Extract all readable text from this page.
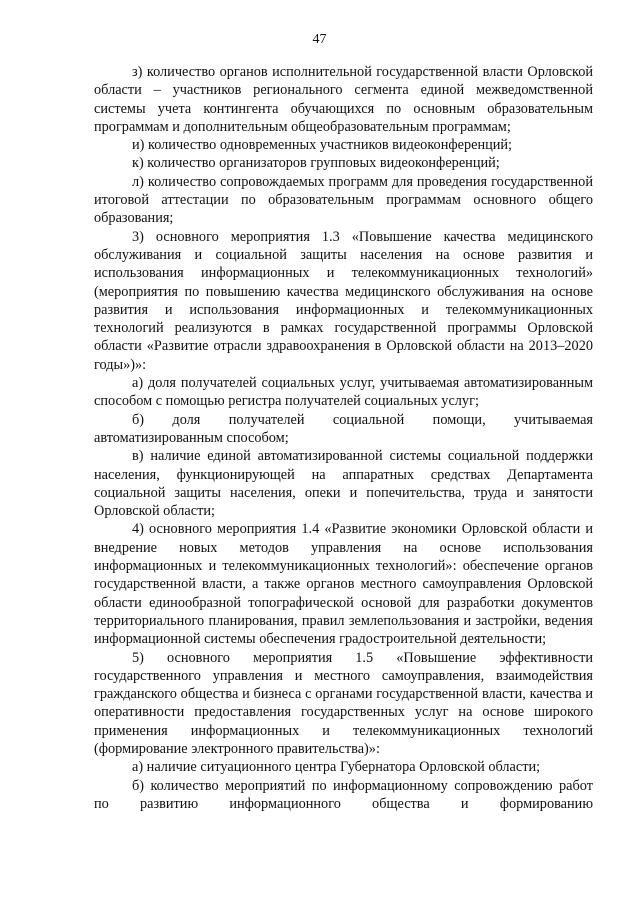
47

з) количество органов исполнительной государственной власти Орловской области – участников регионального сегмента единой межведомственной системы учета контингента обучающихся по основным образовательным программам и дополнительным общеобразовательным программам;

и) количество одновременных участников видеоконференций;

к) количество организаторов групповых видеоконференций;

л) количество сопровождаемых программ для проведения государственной итоговой аттестации по образовательным программам основного общего образования;

3) основного мероприятия 1.3 «Повышение качества медицинского обслуживания и социальной защиты населения на основе развития и использования информационных и телекоммуникационных технологий» (мероприятия по повышению качества медицинского обслуживания на основе развития и использования информационных и телекоммуникационных технологий реализуются в рамках государственной программы Орловской области «Развитие отрасли здравоохранения в Орловской области на 2013–2020 годы»)»:

а) доля получателей социальных услуг, учитываемая автоматизированным способом с помощью регистра получателей социальных услуг;

б) доля получателей социальной помощи, учитываемая автоматизированным способом;

в) наличие единой автоматизированной системы социальной поддержки населения, функционирующей на аппаратных средствах Департамента социальной защиты населения, опеки и попечительства, труда и занятости Орловской области;

4) основного мероприятия 1.4 «Развитие экономики Орловской области и внедрение новых методов управления на основе использования информационных и телекоммуникационных технологий»: обеспечение органов государственной власти, а также органов местного самоуправления Орловской области единообразной топографической основой для разработки документов территориального планирования, правил землепользования и застройки, ведения информационной системы обеспечения градостроительной деятельности;

5) основного мероприятия 1.5 «Повышение эффективности государственного управления и местного самоуправления, взаимодействия гражданского общества и бизнеса с органами государственной власти, качества и оперативности предоставления государственных услуг на основе широкого применения информационных и телекоммуникационных технологий (формирование электронного правительства)»:

а) наличие ситуационного центра Губернатора Орловской области;

б) количество мероприятий по информационному сопровождению работ по развитию информационного общества и формированию
